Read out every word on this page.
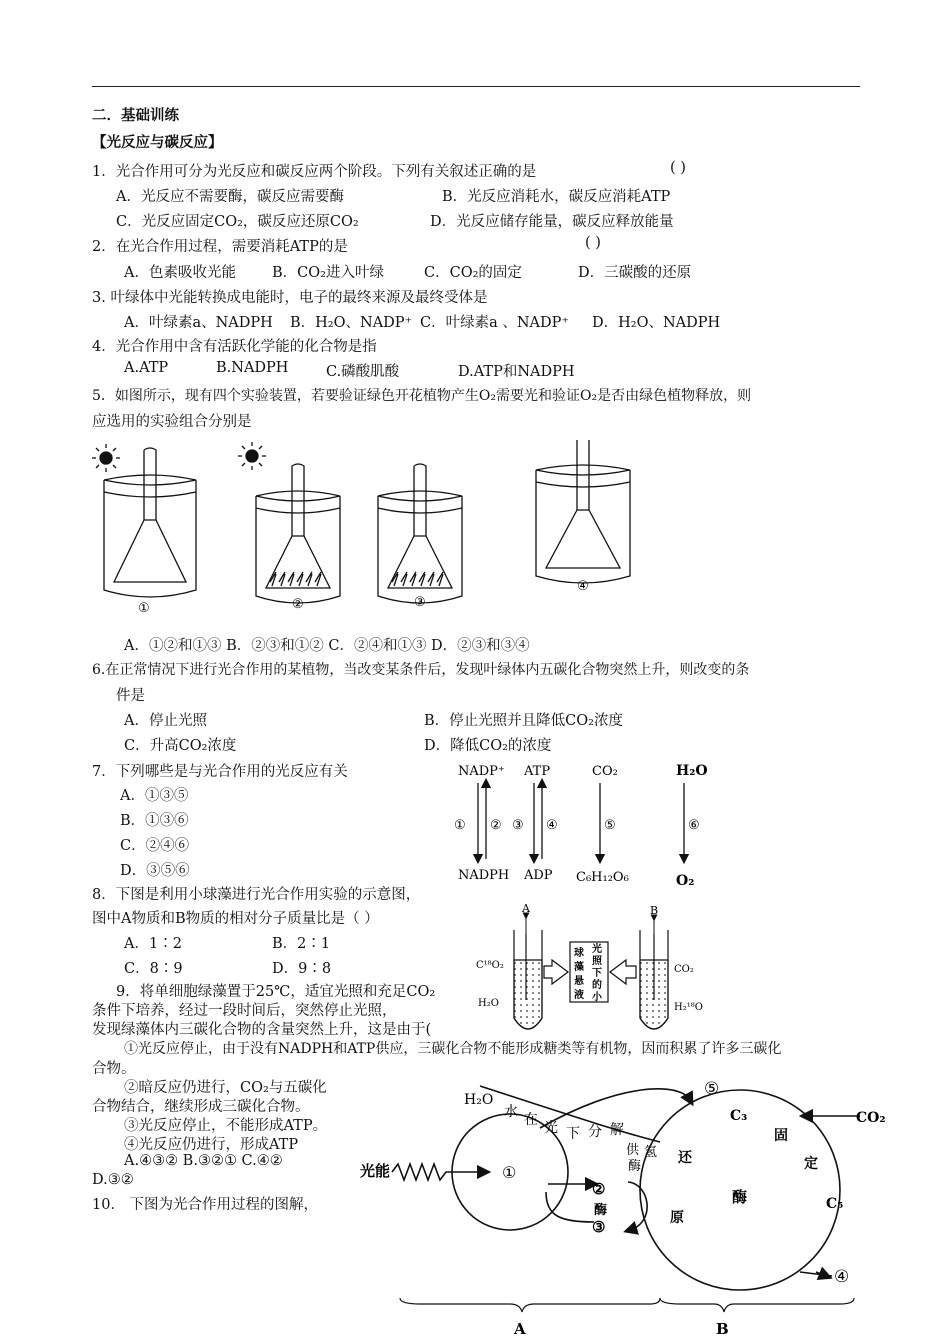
二．基础训练
【光反应与碳反应】
1．光合作用可分为光反应和碳反应两个阶段。下列有关叙述正确的是	( )
A．光反应不需要酶，碳反应需要酶	B．光反应消耗水，碳反应消耗ATP
C．光反应固定CO₂，碳反应还原CO₂	D．光反应储存能量，碳反应释放能量
2．在光合作用过程，需要消耗ATP的是	( )
A．色素吸收光能 B．CO₂进入叶绿	C．CO₂的固定	D．三碳酸的还原
3. 叶绿体中光能转换成电能时，电子的最终来源及最终受体是
A．叶绿素a、NADPH B．H₂O、NADP⁺ C．叶绿素a 、NADP⁺ D．H₂O、NADPH
4．光合作用中含有活跃化学能的化合物是指
A.ATP	B.NADPH	C.磷酸肌酸	D.ATP和NADPH
5．如图所示，现有四个实验装置，若要验证绿色开花植物产生O₂需要光和验证O₂是否由绿色植物释放，则
应选用的实验组合分别是
①	②	③
④
A．①②和①③ B．②③和①② C．②④和①③ D．②③和③④
6.在正常情况下进行光合作用的某植物，当改变某条件后，发现叶绿体内五碳化合物突然上升，则改变的条
件是
A．停止光照	B．停止光照并且降低CO₂浓度
C．升高CO₂浓度	D．降低CO₂的浓度
7．下列哪些是与光合作用的光反应有关
A．①③⑤
B．①③⑥
C．②④⑥
D．③⑤⑥
NADP⁺ ATP	CO₂	H₂O
① ② ③ ④	⑤	⑥
NADPH ADP C₆H₁₂O₆	O₂
8．下图是利用小球藻进行光合作用实验的示意图，
图中A物质和B物质的相对分子质量比是（ ）
A．1∶2	B．2∶1
C．8∶9	D．9∶8
A	B
球
藻
悬
液
光
照
下
的
小
C¹⁸O₂
H₂O
CO₂
H₂¹⁸O
9．将单细胞绿藻置于25℃，适宜光照和充足CO₂
条件下培养，经过一段时间后，突然停止光照，
发现绿藻体内三碳化合物的含量突然上升，这是由于(
①光反应停止，由于没有NADPH和ATP供应，三碳化合物不能形成糖类等有机物，因而积累了许多三碳化
合物。
②暗反应仍进行，CO₂与五碳化
合物结合，继续形成三碳化合物。
③光反应停止，不能形成ATP。
④光反应仍进行，形成ATP
A.④③② B.③②① C.④②
D.③②
10． 下图为光合作用过程的图解，
H₂O
水 在 光 下 分 解
供 氢
酶
光能	①
②
酶
③
⑤
C₃	CO₂
固
定
还
原
酶	C₅
④
A	B
